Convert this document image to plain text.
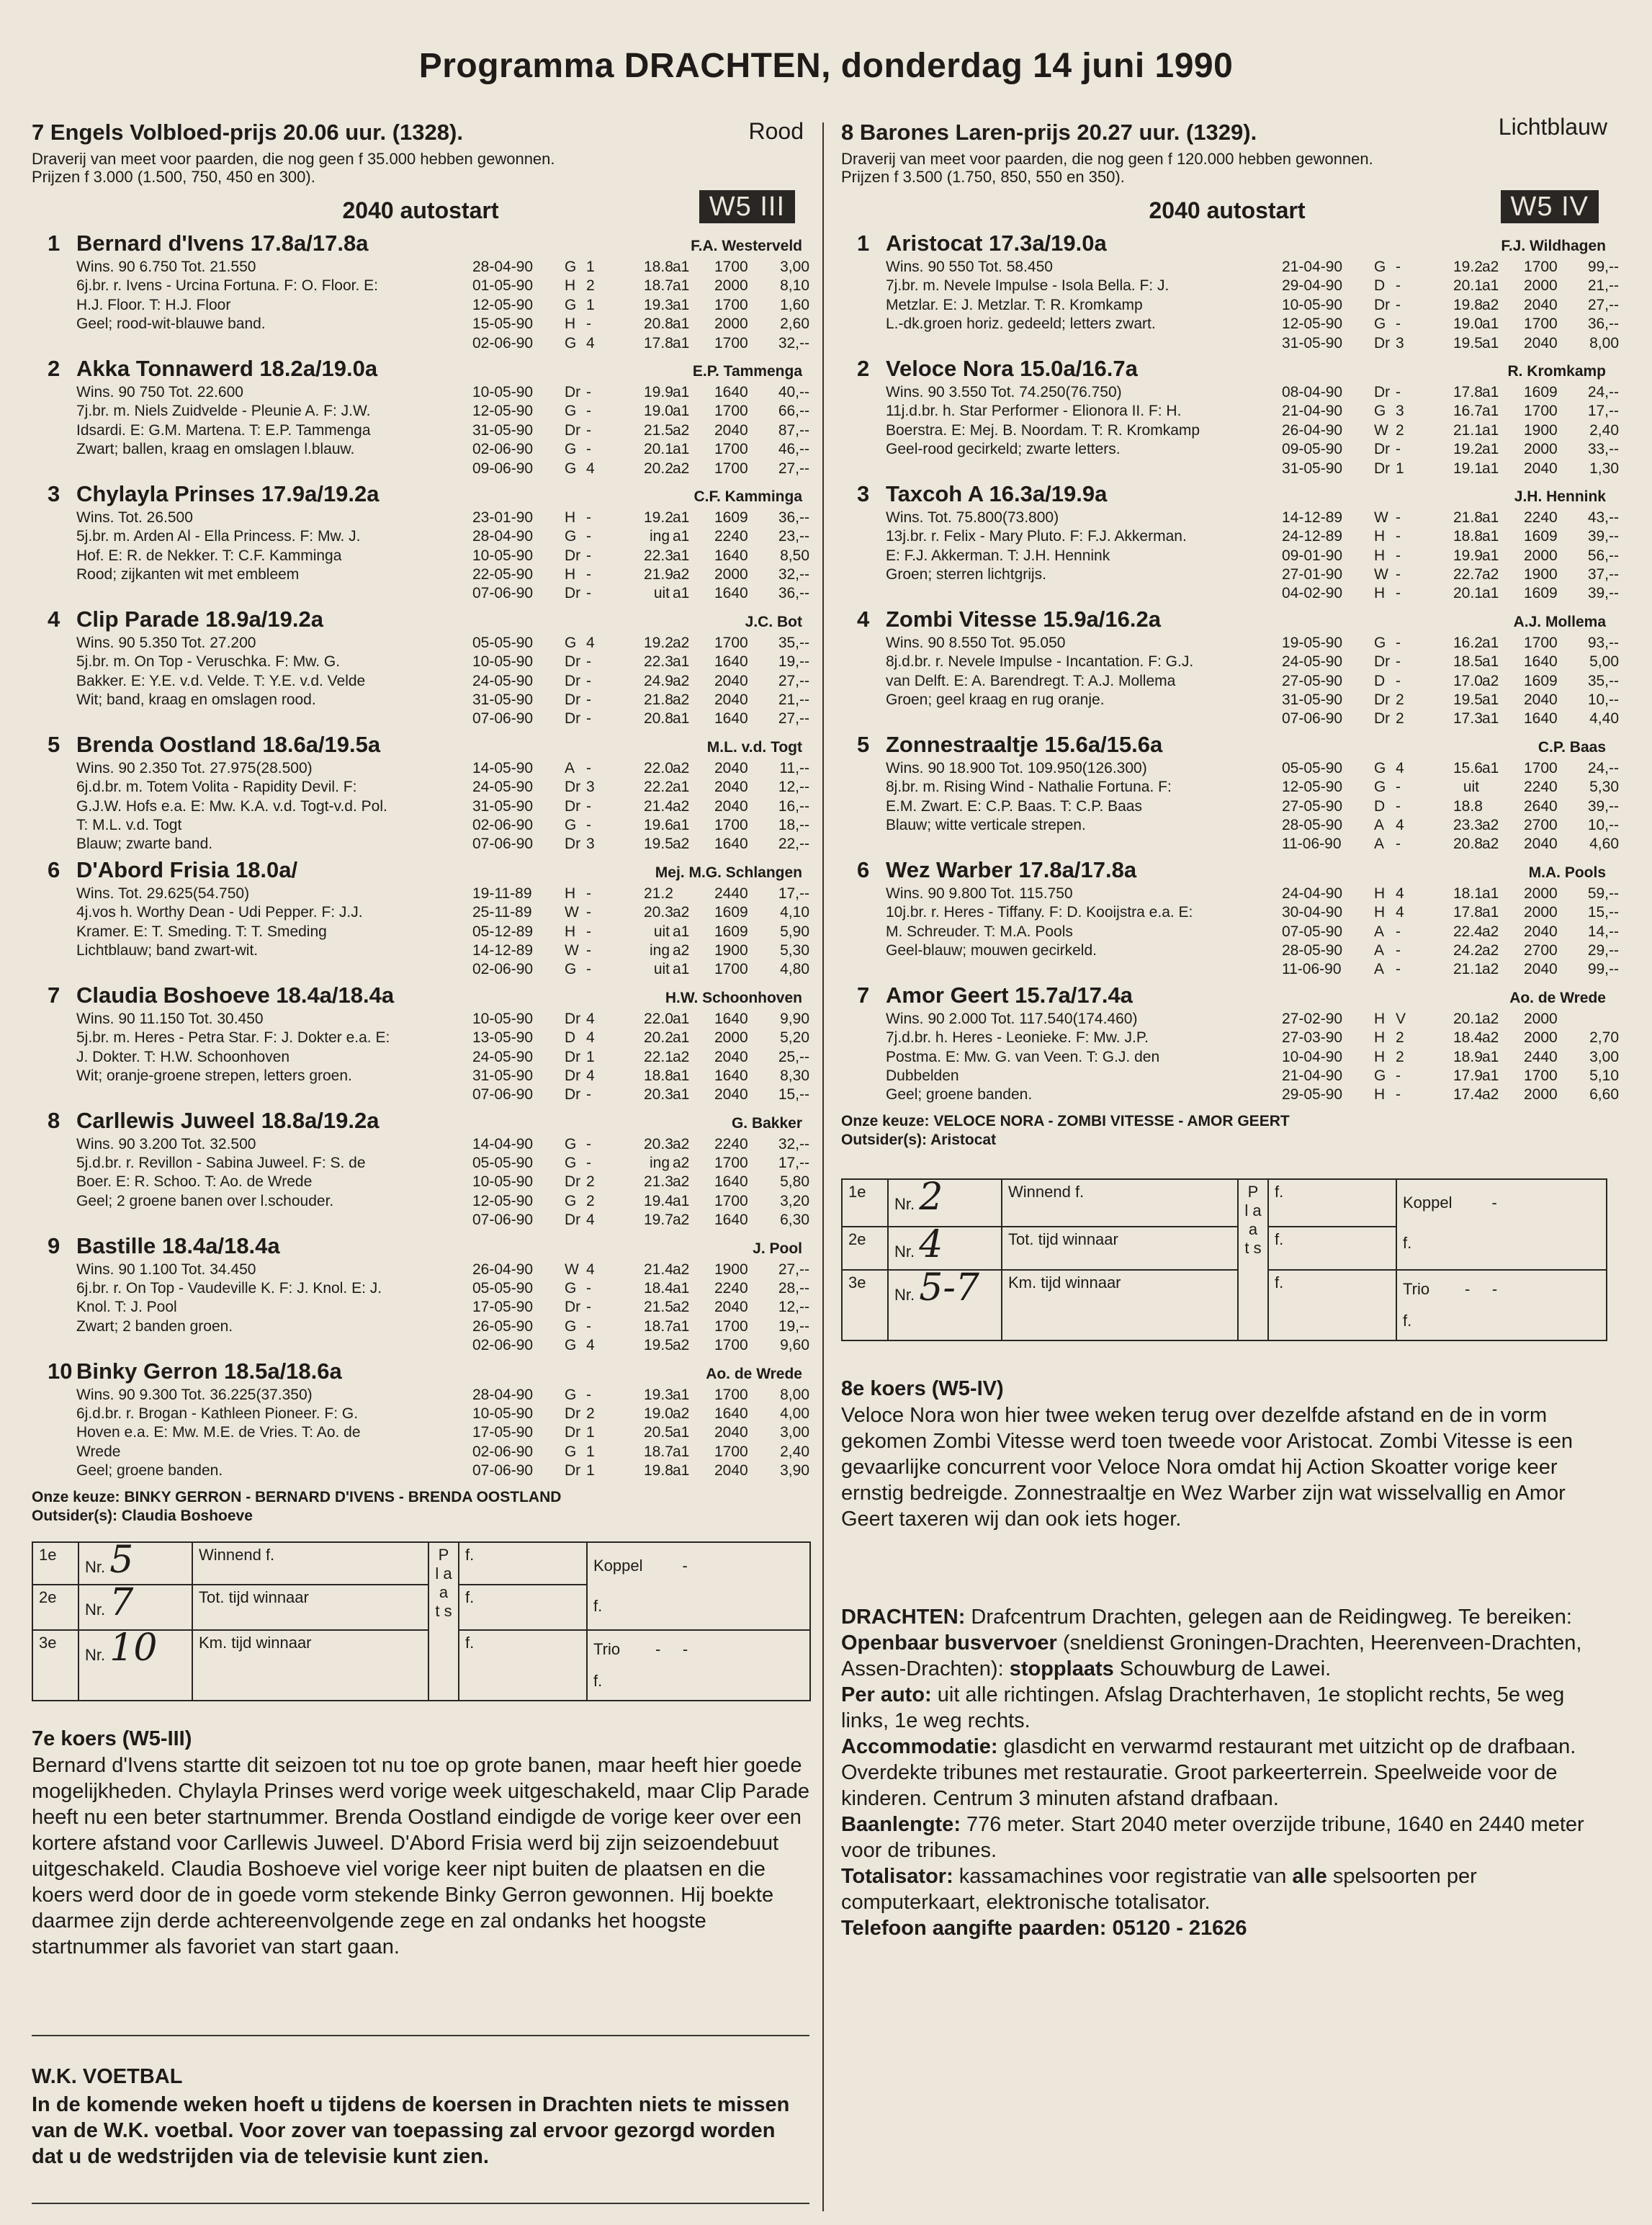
Programma DRACHTEN, donderdag 14 juni 1990
7 Engels Volbloed-prijs 20.06 uur. (1328).	Rood
Draverij van meet voor paarden, die nog geen f 35.000 hebben gewonnen.
Prijzen f 3.000 (1.500, 750, 450 en 300).
2040 autostart	W5 III
1 Bernard d'Ivens 17.8a/17.8a	F.A. Westerveld
Wins. 90 6.750 Tot. 21.550
6j.br. r. Ivens - Urcina Fortuna. F: O. Floor. E:
H.J. Floor. T: H.J. Floor
Geel; rood-wit-blauwe band.
28-04-90 G 1	18.8 a1 1700	3,00
01-05-90 H 2	18.7 a1 2000	8,10
12-05-90 G 1	19.3 a1 1700	1,60
15-05-90 H -	20.8 a1 2000	2,60
02-06-90 G 4	17.8 a1 1700	32,--
2 Akka Tonnawerd 18.2a/19.0a	E.P. Tammenga
Wins. 90 750 Tot. 22.600
7j.br. m. Niels Zuidvelde - Pleunie A. F: J.W.
Idsardi. E: G.M. Martena. T: E.P. Tammenga
Zwart; ballen, kraag en omslagen l.blauw.
10-05-90 Dr -	19.9 a1 1640	40,--
12-05-90 G -	19.0 a1 1700	66,--
31-05-90 Dr -	21.5 a2 2040	87,--
02-06-90 G -	20.1 a1 1700	46,--
09-06-90 G 4	20.2 a2 1700	27,--
3 Chylayla Prinses 17.9a/19.2a	C.F. Kamminga
Wins. Tot. 26.500
5j.br. m. Arden Al - Ella Princess. F: Mw. J.
Hof. E: R. de Nekker. T: C.F. Kamminga
Rood; zijkanten wit met embleem
23-01-90 H -	19.2 a1 1609	36,--
28-04-90 G -	ing a1 2240	23,--
10-05-90 Dr -	22.3 a1 1640	8,50
22-05-90 H -	21.9 a2 2000	32,--
07-06-90 Dr -	uit a1 1640	36,--
4 Clip Parade 18.9a/19.2a	J.C. Bot
Wins. 90 5.350 Tot. 27.200
5j.br. m. On Top - Veruschka. F: Mw. G.
Bakker. E: Y.E. v.d. Velde. T: Y.E. v.d. Velde
Wit; band, kraag en omslagen rood.
05-05-90 G 4	19.2 a2 1700	35,--
10-05-90 Dr -	22.3 a1 1640	19,--
24-05-90 Dr -	24.9 a2 2040	27,--
31-05-90 Dr -	21.8 a2 2040	21,--
07-06-90 Dr -	20.8 a1 1640	27,--
5 Brenda Oostland 18.6a/19.5a	M.L. v.d. Togt
Wins. 90 2.350 Tot. 27.975(28.500)
6j.d.br. m. Totem Volita - Rapidity Devil. F:
G.J.W. Hofs e.a. E: Mw. K.A. v.d. Togt-v.d. Pol.
T: M.L. v.d. Togt
Blauw; zwarte band.
14-05-90 A -	22.0 a2 2040	11,--
24-05-90 Dr 3	22.2 a1 2040	12,--
31-05-90 Dr -	21.4 a2 2040	16,--
02-06-90 G -	19.6 a1 1700	18,--
07-06-90 Dr 3	19.5 a2 1640	22,--
6 D'Abord Frisia 18.0a/	Mej. M.G. Schlangen
Wins. Tot. 29.625(54.750)
4j.vos h. Worthy Dean - Udi Pepper. F: J.J.
Kramer. E: T. Smeding. T: T. Smeding
Lichtblauw; band zwart-wit.
19-11-89 H -	21.2	2440	17,--
25-11-89 W -	20.3 a2 1609	4,10
05-12-89 H -	uit a1 1609	5,90
14-12-89 W -	ing a2 1900	5,30
02-06-90 G -	uit a1 1700	4,80
7 Claudia Boshoeve 18.4a/18.4a	H.W. Schoonhoven
Wins. 90 11.150 Tot. 30.450
5j.br. m. Heres - Petra Star. F: J. Dokter e.a. E:
J. Dokter. T: H.W. Schoonhoven
Wit; oranje-groene strepen, letters groen.
10-05-90 Dr 4	22.0 a1 1640	9,90
13-05-90 D 4	20.2 a1 2000	5,20
24-05-90 Dr 1	22.1 a2 2040	25,--
31-05-90 Dr 4	18.8 a1 1640	8,30
07-06-90 Dr -	20.3 a1 2040	15,--
8 Carllewis Juweel 18.8a/19.2a	G. Bakker
Wins. 90 3.200 Tot. 32.500
5j.d.br. r. Revillon - Sabina Juweel. F: S. de
Boer. E: R. Schoo. T: Ao. de Wrede
Geel; 2 groene banen over l.schouder.
14-04-90 G -	20.3 a2 2240	32,--
05-05-90 G -	ing a2 1700	17,--
10-05-90 Dr 2	21.3 a2 1640	5,80
12-05-90 G 2	19.4 a1 1700	3,20
07-06-90 Dr 4	19.7 a2 1640	6,30
9 Bastille 18.4a/18.4a	J. Pool
Wins. 90 1.100 Tot. 34.450
6j.br. r. On Top - Vaudeville K. F: J. Knol. E: J.
Knol. T: J. Pool
Zwart; 2 banden groen.
26-04-90 W 4	21.4 a2 1900	27,--
05-05-90 G -	18.4 a1 2240	28,--
17-05-90 Dr -	21.5 a2 2040	12,--
26-05-90 G -	18.7 a1 1700	19,--
02-06-90 G 4	19.5 a2 1700	9,60
10 Binky Gerron 18.5a/18.6a	Ao. de Wrede
Wins. 90 9.300 Tot. 36.225(37.350)
6j.d.br. r. Brogan - Kathleen Pioneer. F: G.
Hoven e.a. E: Mw. M.E. de Vries. T: Ao. de
Wrede
Geel; groene banden.
28-04-90 G -	19.3 a1 1700	8,00
10-05-90 Dr 2	19.0 a2 1640	4,00
17-05-90 Dr 1	20.5 a1 2040	3,00
02-06-90 G 1	18.7 a1 1700	2,40
07-06-90 Dr 1	19.8 a1 2040	3,90
Onze keuze: BINKY GERRON - BERNARD D'IVENS - BRENDA OOSTLAND
Outsider(s): Claudia Boshoeve
1e	Nr. 5	Winnend f.	P l a a t s	f.	Koppel -
f.
2e	Nr. 7	Tot. tijd winnaar		f.	
3e	Nr. 10	Km. tijd winnaar		f.	Trio - -
f.
7e koers (W5-III)

Bernard d'Ivens startte dit seizoen tot nu toe op grote banen, maar heeft hier goede mogelijkheden. Chylayla Prinses werd vorige week uitgeschakeld, maar Clip Parade heeft nu een beter startnummer. Brenda Oostland eindigde de vorige keer over een kortere afstand voor Carllewis Juweel. D'Abord Frisia werd bij zijn seizoendebuut uitgeschakeld. Claudia Boshoeve viel vorige keer nipt buiten de plaatsen en die koers werd door de in goede vorm stekende Binky Gerron gewonnen. Hij boekte daarmee zijn derde achtereenvolgende zege en zal ondanks het hoogste startnummer als favoriet van start gaan.

W.K. VOETBAL

In de komende weken hoeft u tijdens de koersen in Drachten niets te missen van de W.K. voetbal. Voor zover van toepassing zal ervoor gezorgd worden dat u de wedstrijden via de televisie kunt zien.

8 Barones Laren-prijs 20.27 uur. (1329).	Lichtblauw
Draverij van meet voor paarden, die nog geen f 120.000 hebben gewonnen.
Prijzen f 3.500 (1.750, 850, 550 en 350).
2040 autostart	W5 IV
1 Aristocat 17.3a/19.0a	F.J. Wildhagen
Wins. 90 550 Tot. 58.450
7j.br. m. Nevele Impulse - Isola Bella. F: J.
Metzlar. E: J. Metzlar. T: R. Kromkamp
L.-dk.groen horiz. gedeeld; letters zwart.
21-04-90 G -	19.2 a2 1700	99,--
29-04-90 D -	20.1 a1 2000	21,--
10-05-90 Dr -	19.8 a2 2040	27,--
12-05-90 G -	19.0 a1 1700	36,--
31-05-90 Dr 3	19.5 a1 2040	8,00
2 Veloce Nora 15.0a/16.7a	R. Kromkamp
Wins. 90 3.550 Tot. 74.250(76.750)
11j.d.br. h. Star Performer - Elionora II. F: H.
Boerstra. E: Mej. B. Noordam. T: R. Kromkamp
Geel-rood gecirkeld; zwarte letters.
08-04-90 Dr -	17.8 a1 1609	24,--
21-04-90 G 3	16.7 a1 1700	17,--
26-04-90 W 2	21.1 a1 1900	2,40
09-05-90 Dr -	19.2 a1 2000	33,--
31-05-90 Dr 1	19.1 a1 2040	1,30
3 Taxcoh A 16.3a/19.9a	J.H. Hennink
Wins. Tot. 75.800(73.800)
13j.br. r. Felix - Mary Pluto. F: F.J. Akkerman.
E: F.J. Akkerman. T: J.H. Hennink
Groen; sterren lichtgrijs.
14-12-89 W -	21.8 a1 2240	43,--
24-12-89 H -	18.8 a1 1609	39,--
09-01-90 H -	19.9 a1 2000	56,--
27-01-90 W -	22.7 a2 1900	37,--
04-02-90 H -	20.1 a1 1609	39,--
4 Zombi Vitesse 15.9a/16.2a	A.J. Mollema
Wins. 90 8.550 Tot. 95.050
8j.d.br. r. Nevele Impulse - Incantation. F: G.J.
van Delft. E: A. Barendregt. T: A.J. Mollema
Groen; geel kraag en rug oranje.
19-05-90 G -	16.2 a1 1700	93,--
24-05-90 Dr -	18.5 a1 1640	5,00
27-05-90 D -	17.0 a2 1609	35,--
31-05-90 Dr 2	19.5 a1 2040	10,--
07-06-90 Dr 2	17.3 a1 1640	4,40
5 Zonnestraaltje 15.6a/15.6a	C.P. Baas
Wins. 90 18.900 Tot. 109.950(126.300)
8j.br. m. Rising Wind - Nathalie Fortuna. F:
E.M. Zwart. E: C.P. Baas. T: C.P. Baas
Blauw; witte verticale strepen.
05-05-90 G 4	15.6 a1 1700	24,--
12-05-90 G -	uit	2240	5,30
27-05-90 D -	18.8	2640	39,--
28-05-90 A 4	23.3 a2 2700	10,--
11-06-90 A -	20.8 a2 2040	4,60
6 Wez Warber 17.8a/17.8a	M.A. Pools
Wins. 90 9.800 Tot. 115.750
10j.br. r. Heres - Tiffany. F: D. Kooijstra e.a. E:
M. Schreuder. T: M.A. Pools
Geel-blauw; mouwen gecirkeld.
24-04-90 H 4	18.1 a1 2000	59,--
30-04-90 H 4	17.8 a1 2000	15,--
07-05-90 A -	22.4 a2 2040	14,--
28-05-90 A -	24.2 a2 2700	29,--
11-06-90 A -	21.1 a2 2040	99,--
7 Amor Geert 15.7a/17.4a	Ao. de Wrede
Wins. 90 2.000 Tot. 117.540(174.460)
7j.d.br. h. Heres - Leonieke. F: Mw. J.P.
Postma. E: Mw. G. van Veen. T: G.J. den
Dubbelden
Geel; groene banden.
27-02-90 H V	20.1 a2 2000
27-03-90 H 2	18.4 a2 2000	2,70
10-04-90 H 2	18.9 a1 2440	3,00
21-04-90 G -	17.9 a1 1700	5,10
29-05-90 H -	17.4 a2 2000	6,60
Onze keuze: VELOCE NORA - ZOMBI VITESSE - AMOR GEERT
Outsider(s): Aristocat
1e	Nr. 2	Winnend f.	P l a a t s	f.	Koppel -
f.
2e	Nr. 4	Tot. tijd winnaar		f.	
3e	Nr. 5-7	Km. tijd winnaar		f.	Trio - -
f.
8e koers (W5-IV)

Veloce Nora won hier twee weken terug over dezelfde afstand en de in vorm gekomen Zombi Vitesse werd toen tweede voor Aristocat. Zombi Vitesse is een gevaarlijke concurrent voor Veloce Nora omdat hij Action Skoatter vorige keer ernstig bedreigde. Zonnestraaltje en Wez Warber zijn wat wisselvallig en Amor Geert taxeren wij dan ook iets hoger.

DRACHTEN: Drafcentrum Drachten, gelegen aan de Reidingweg. Te bereiken: Openbaar busvervoer (sneldienst Groningen-Drachten, Heerenveen-Drachten, Assen-Drachten): stopplaats Schouwburg de Lawei.
Per auto: uit alle richtingen. Afslag Drachterhaven, 1e stoplicht rechts, 5e weg links, 1e weg rechts.
Accommodatie: glasdicht en verwarmd restaurant met uitzicht op de drafbaan. Overdekte tribunes met restauratie. Groot parkeerterrein. Speelweide voor de kinderen. Centrum 3 minuten afstand drafbaan.
Baanlengte: 776 meter. Start 2040 meter overzijde tribune, 1640 en 2440 meter voor de tribunes.
Totalisator: kassamachines voor registratie van alle spelsoorten per computerkaart, elektronische totalisator.
Telefoon aangifte paarden: 05120 - 21626
